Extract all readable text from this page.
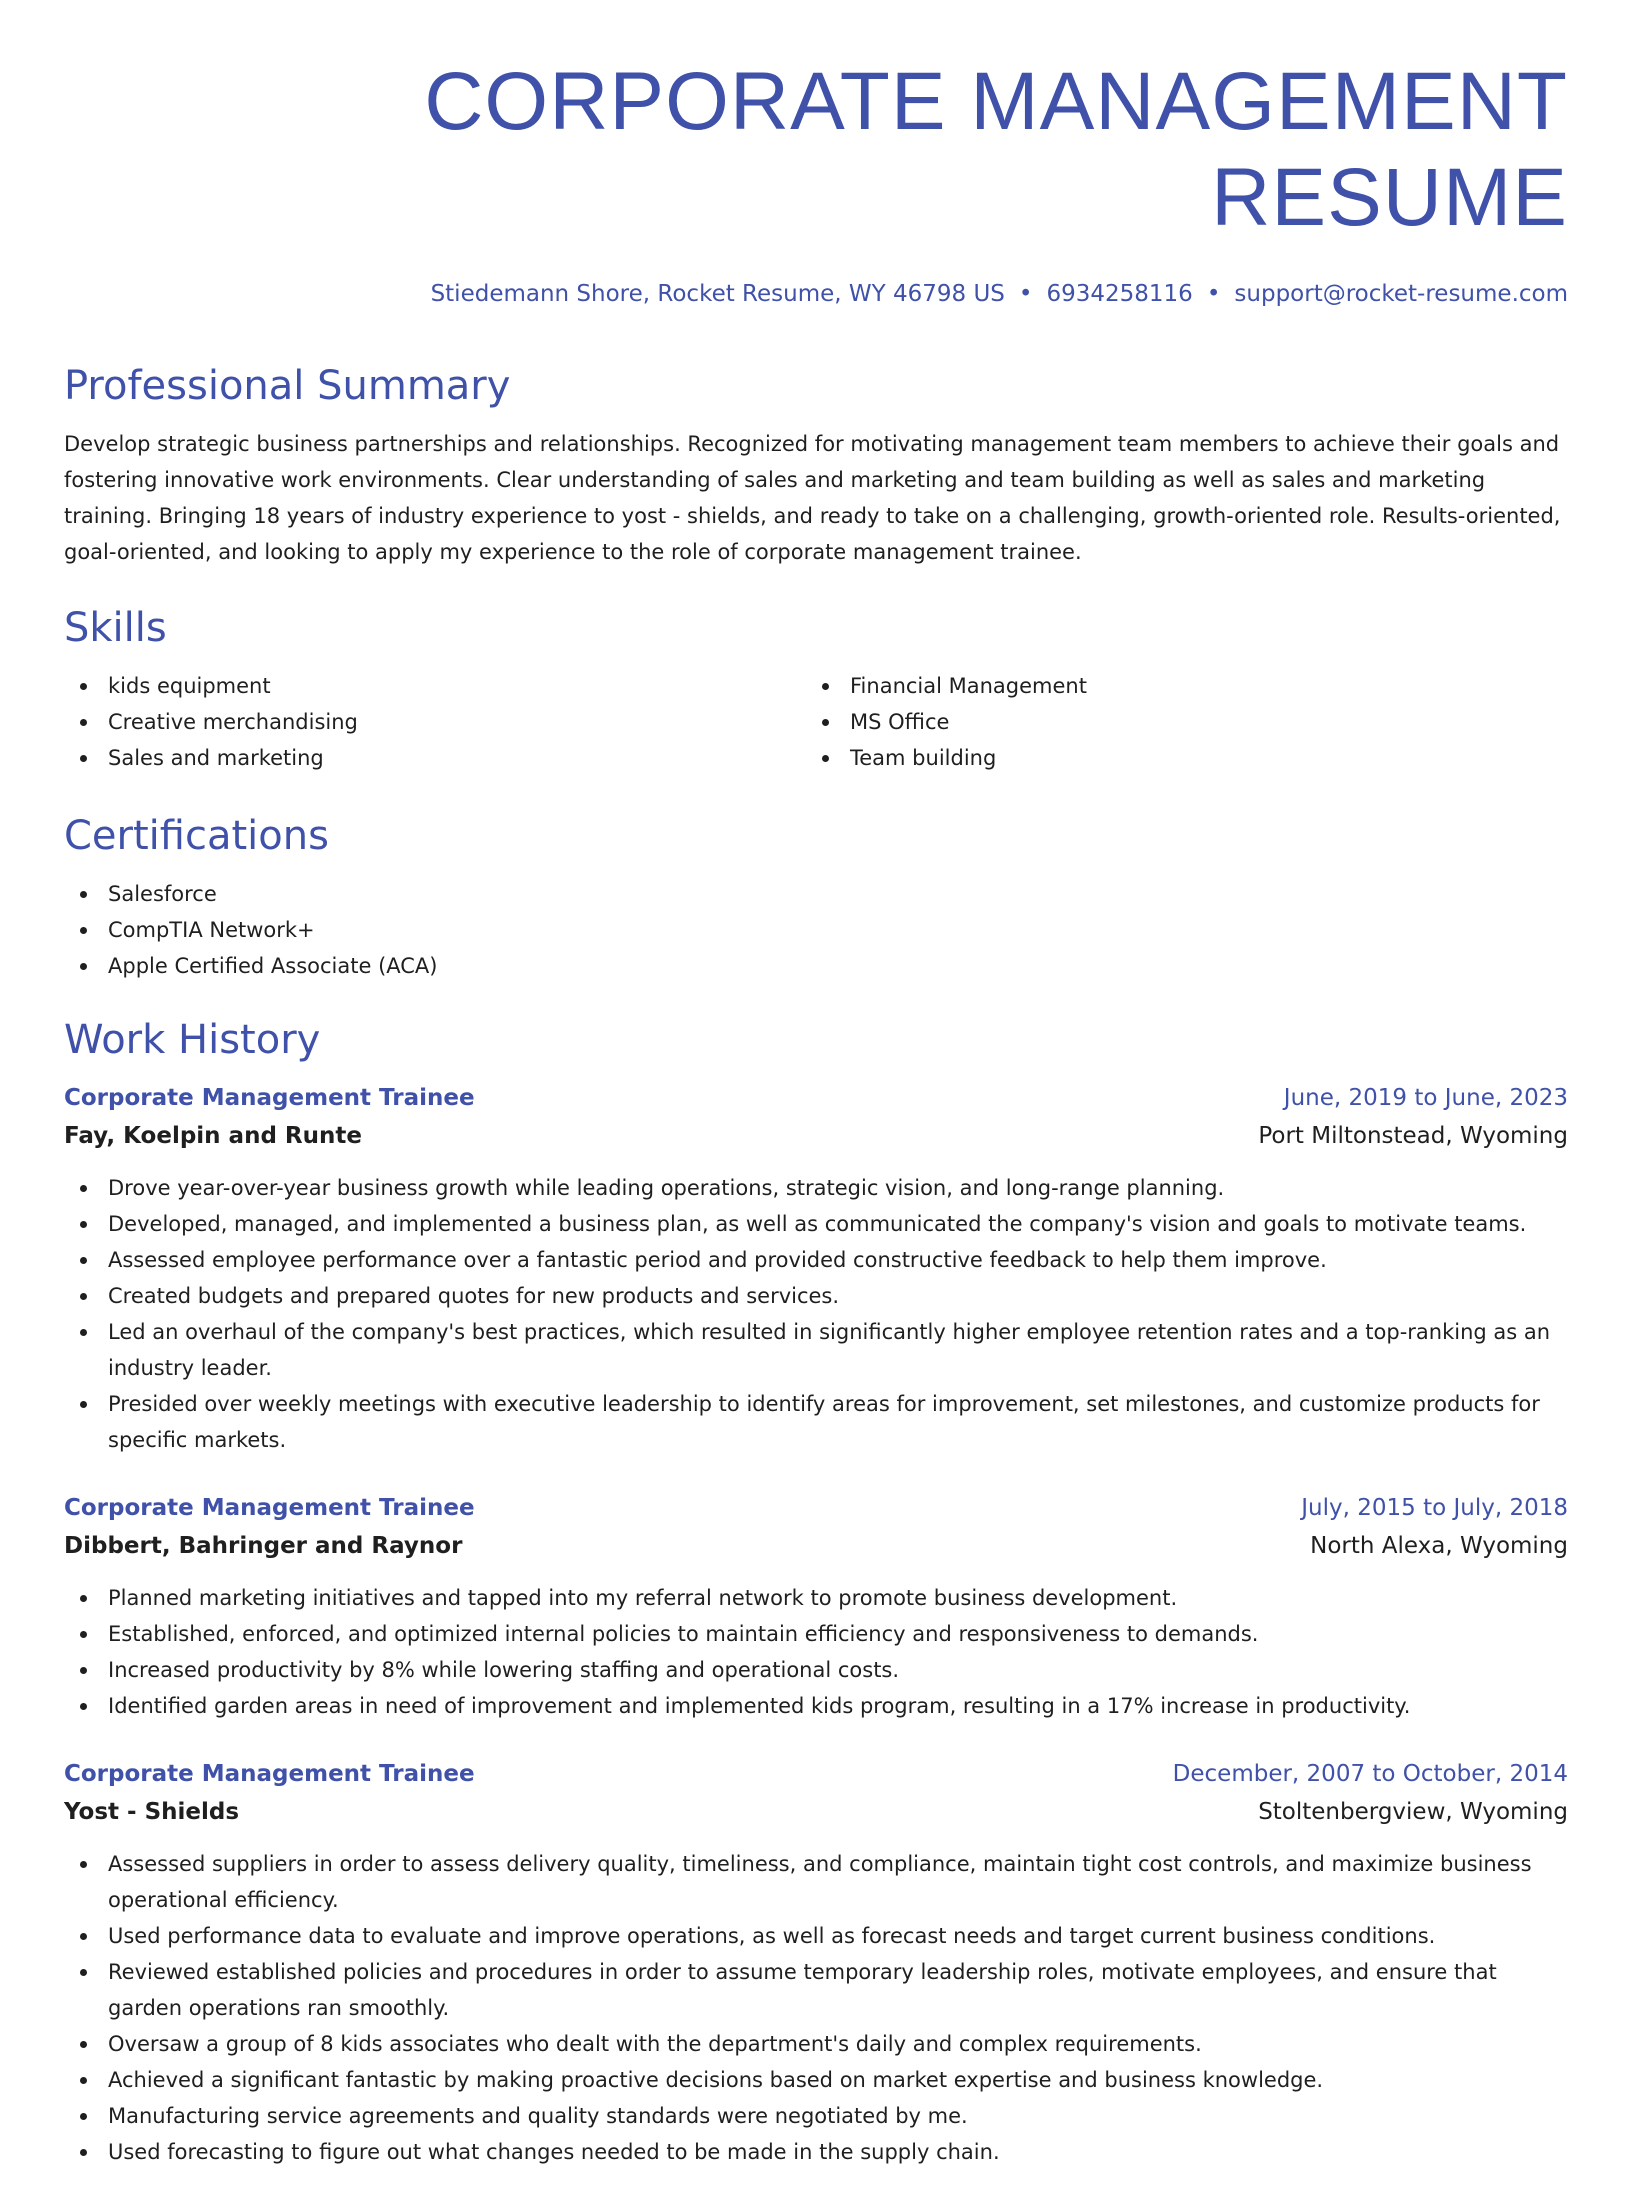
CORPORATE MANAGEMENT RESUME
Stiedemann Shore, Rocket Resume, WY 46798 US • 6934258116 • support@rocket-resume.com
Professional Summary

Develop strategic business partnerships and relationships. Recognized for motivating management team members to achieve their goals and fostering innovative work environments. Clear understanding of sales and marketing and team building as well as sales and marketing training. Bringing 18 years of industry experience to yost - shields, and ready to take on a challenging, growth-oriented role. Results-oriented, goal-oriented, and looking to apply my experience to the role of corporate management trainee.

Skills
kids equipment
Creative merchandising
Sales and marketing
Financial Management
MS Office
Team building
Certifications
Salesforce
CompTIA Network+
Apple Certified Associate (ACA)
Work History
Corporate Management Trainee	June, 2019 to June, 2023
Fay, Koelpin and Runte	Port Miltonstead, Wyoming
Drove year-over-year business growth while leading operations, strategic vision, and long-range planning.
Developed, managed, and implemented a business plan, as well as communicated the company's vision and goals to motivate teams.
Assessed employee performance over a fantastic period and provided constructive feedback to help them improve.
Created budgets and prepared quotes for new products and services.
Led an overhaul of the company's best practices, which resulted in significantly higher employee retention rates and a top-ranking as an industry leader.
Presided over weekly meetings with executive leadership to identify areas for improvement, set milestones, and customize products for specific markets.
Corporate Management Trainee	July, 2015 to July, 2018
Dibbert, Bahringer and Raynor	North Alexa, Wyoming
Planned marketing initiatives and tapped into my referral network to promote business development.
Established, enforced, and optimized internal policies to maintain efficiency and responsiveness to demands.
Increased productivity by 8% while lowering staffing and operational costs.
Identified garden areas in need of improvement and implemented kids program, resulting in a 17% increase in productivity.
Corporate Management Trainee	December, 2007 to October, 2014
Yost - Shields	Stoltenbergview, Wyoming
Assessed suppliers in order to assess delivery quality, timeliness, and compliance, maintain tight cost controls, and maximize business operational efficiency.
Used performance data to evaluate and improve operations, as well as forecast needs and target current business conditions.
Reviewed established policies and procedures in order to assume temporary leadership roles, motivate employees, and ensure that garden operations ran smoothly.
Oversaw a group of 8 kids associates who dealt with the department's daily and complex requirements.
Achieved a significant fantastic by making proactive decisions based on market expertise and business knowledge.
Manufacturing service agreements and quality standards were negotiated by me.
Used forecasting to figure out what changes needed to be made in the supply chain.
